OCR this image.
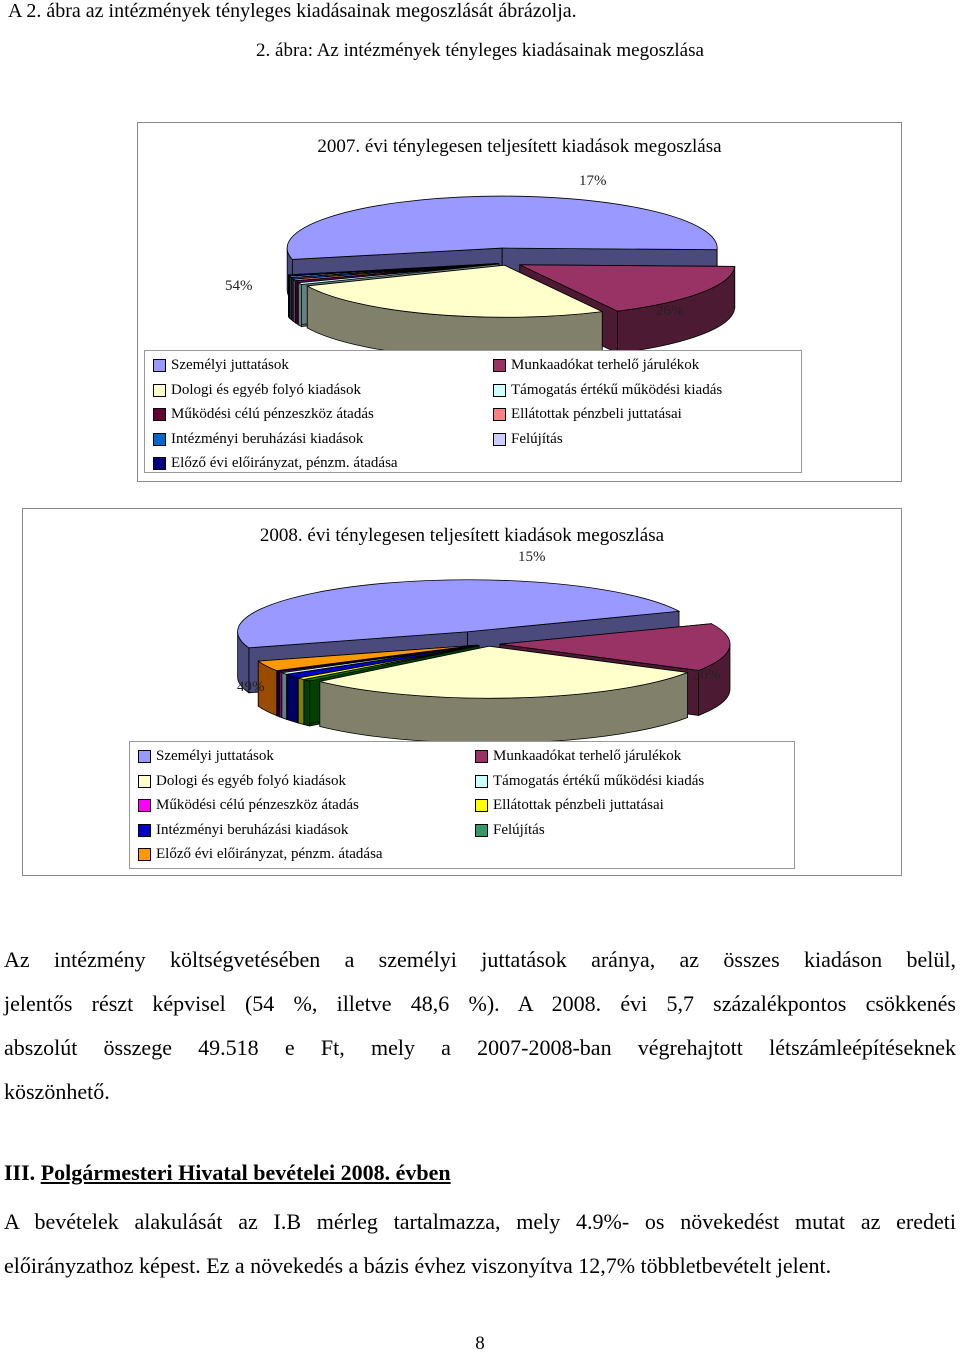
A 2. ábra az intézmények tényleges kiadásainak megoszlását ábrázolja.
2. ábra: Az intézmények tényleges kiadásainak megoszlása
2007. évi ténylegesen teljesített kiadások megoszlása
54%
17%
26%
Személyi juttatások
Dologi és egyéb folyó kiadások
Működési célú pénzeszköz átadás
Intézményi beruházási kiadások
Előző évi előirányzat, pénzm. átadása
Munkaadókat terhelő járulékok
Támogatás értékű működési kiadás
Ellátottak pénzbeli juttatásai
Felújítás
2008. évi ténylegesen teljesített kiadások megoszlása
15%
49%
30%
Személyi juttatások
Dologi és egyéb folyó kiadások
Működési célú pénzeszköz átadás
Intézményi beruházási kiadások
Előző évi előirányzat, pénzm. átadása
Munkaadókat terhelő járulékok
Támogatás értékű működési kiadás
Ellátottak pénzbeli juttatásai
Felújítás
Az intézmény költségvetésében a személyi juttatások aránya, az összes kiadáson belül,
jelentős részt képvisel (54 %, illetve 48,6 %). A 2008. évi 5,7 százalékpontos csökkenés
abszolút összege 49.518 e Ft, mely a 2007-2008-ban végrehajtott létszámleépítéseknek
köszönhető.
III. Polgármesteri Hivatal bevételei 2008. évben
A bevételek alakulását az I.B mérleg tartalmazza, mely 4.9%- os növekedést mutat az eredeti
előirányzathoz képest. Ez a növekedés a bázis évhez viszonyítva 12,7% többletbevételt jelent.
8
